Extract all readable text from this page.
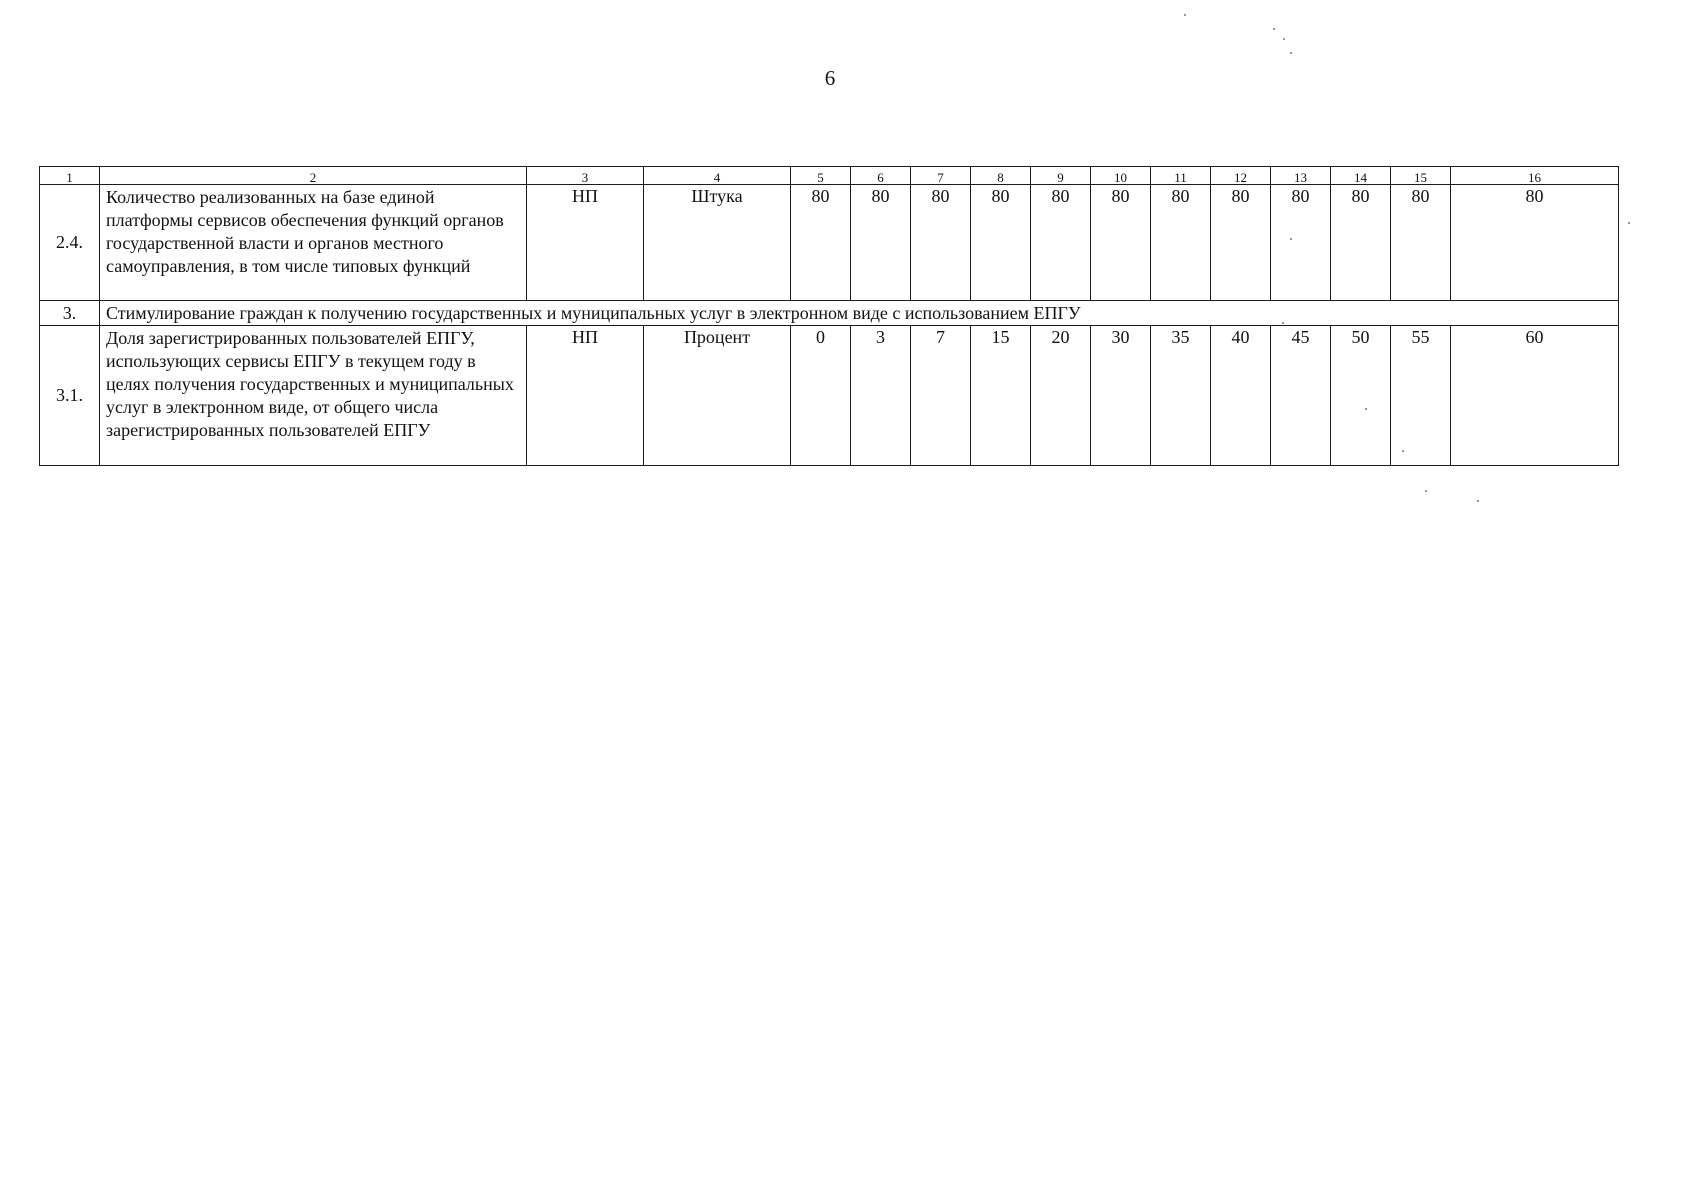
6
1	2	3	4	5	6	7	8	9	10	11	12	13	14	15	16
2.4.	Количество реализованных на базе единой платформы сервисов обеспечения функций органов государственной власти и органов местного самоуправления, в том числе типовых функций	НП	Штука	80	80	80	80	80	80	80	80	80	80	80	80
3.	Стимулирование граждан к получению государственных и муниципальных услуг в электронном виде с использованием ЕПГУ														
3.1.	Доля зарегистрированных пользователей ЕПГУ, использующих сервисы ЕПГУ в текущем году в целях получения государственных и муниципальных услуг в электронном виде, от общего числа зарегистрированных пользователей ЕПГУ	НП	Процент	0	3	7	15	20	30	35	40	45	50	55	60
